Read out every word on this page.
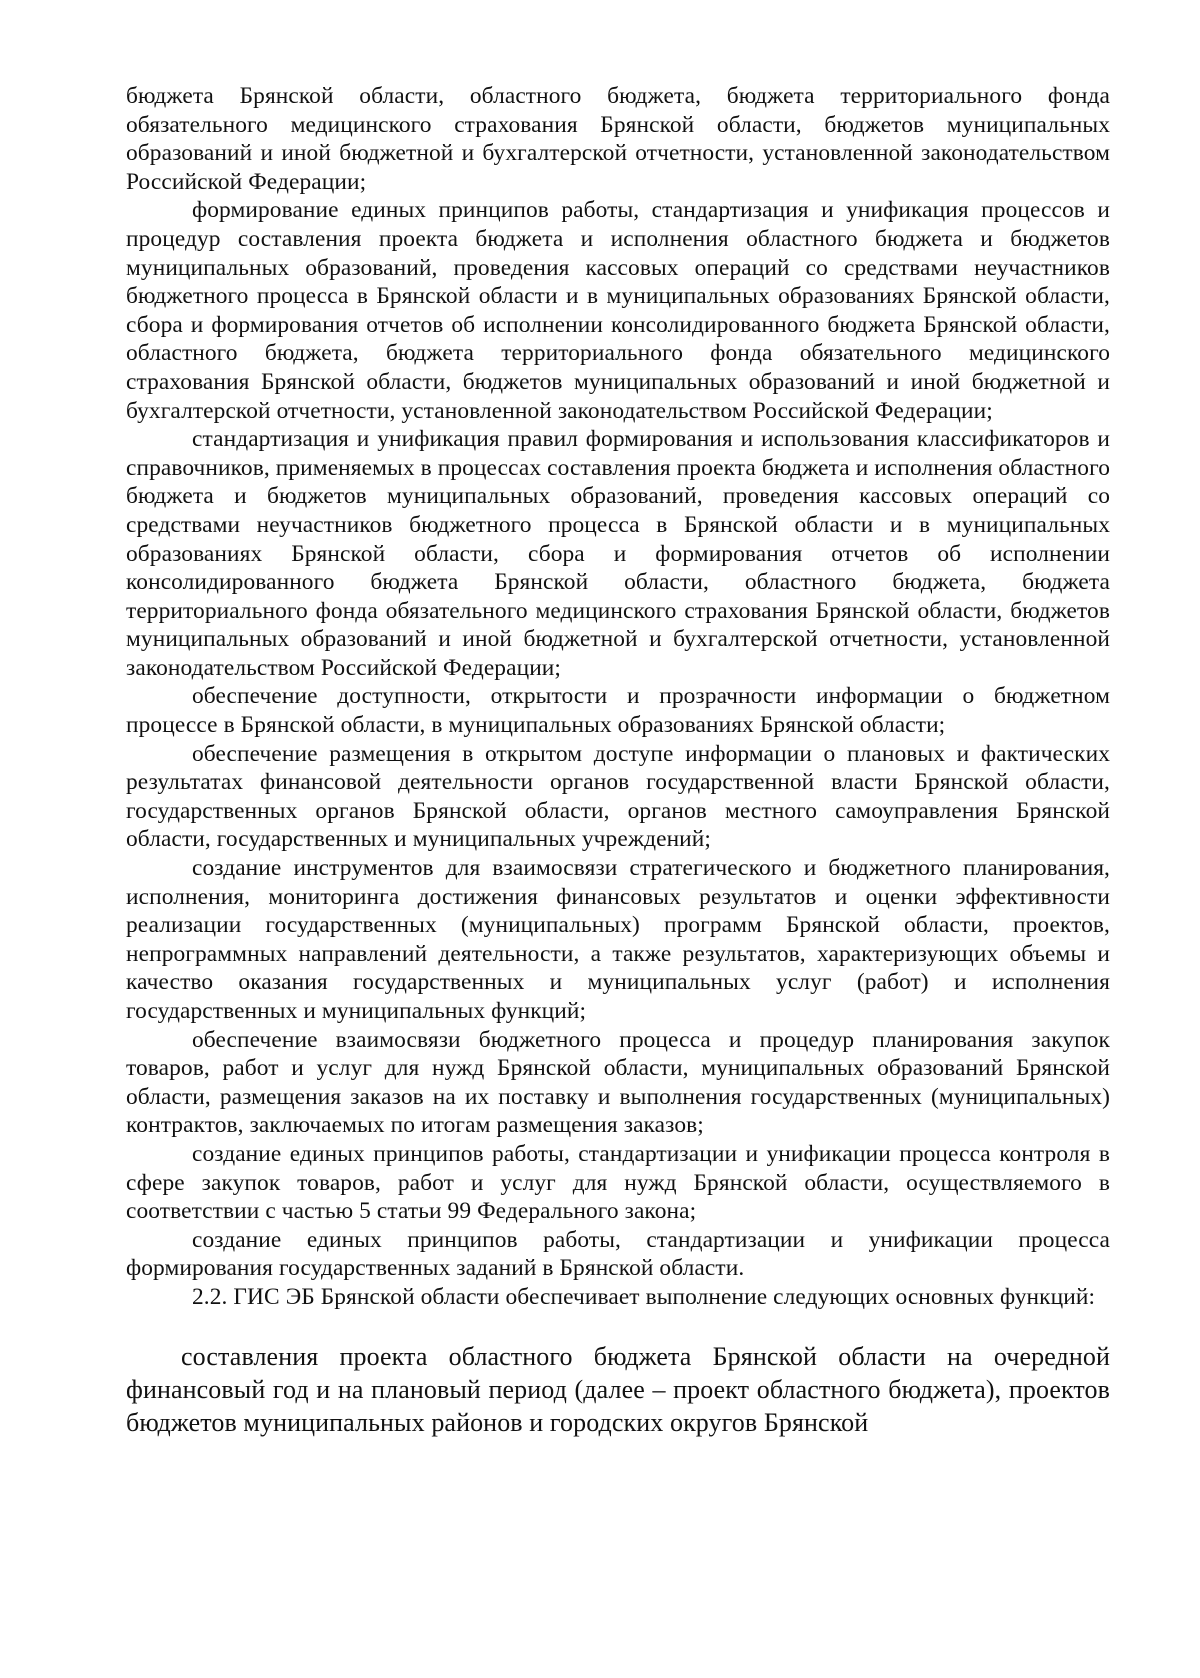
бюджета Брянской области, областного бюджета, бюджета территориального фонда обязательного медицинского страхования Брянской области, бюджетов муниципальных образований и иной бюджетной и бухгалтерской отчетности, установленной законодательством Российской Федерации;

формирование единых принципов работы, стандартизация и унификация процессов и процедур составления проекта бюджета и исполнения областного бюджета и бюджетов муниципальных образований, проведения кассовых операций со средствами неучастников бюджетного процесса в Брянской области и в муниципальных образованиях Брянской области, сбора и формирования отчетов об исполнении консолидированного бюджета Брянской области, областного бюджета, бюджета территориального фонда обязательного медицинского страхования Брянской области, бюджетов муниципальных образований и иной бюджетной и бухгалтерской отчетности, установленной законодательством Российской Федерации;

стандартизация и унификация правил формирования и использования классификаторов и справочников, применяемых в процессах составления проекта бюджета и исполнения областного бюджета и бюджетов муниципальных образований, проведения кассовых операций со средствами неучастников бюджетного процесса в Брянской области и в муниципальных образованиях Брянской области, сбора и формирования отчетов об исполнении консолидированного бюджета Брянской области, областного бюджета, бюджета территориального фонда обязательного медицинского страхования Брянской области, бюджетов муниципальных образований и иной бюджетной и бухгалтерской отчетности, установленной законодательством Российской Федерации;

обеспечение доступности, открытости и прозрачности информации о бюджетном процессе в Брянской области, в муниципальных образованиях Брянской области;

обеспечение размещения в открытом доступе информации о плановых и фактических результатах финансовой деятельности органов государственной власти Брянской области, государственных органов Брянской области, органов местного самоуправления Брянской области, государственных и муниципальных учреждений;

создание инструментов для взаимосвязи стратегического и бюджетного планирования, исполнения, мониторинга достижения финансовых результатов и оценки эффективности реализации государственных (муниципальных) программ Брянской области, проектов, непрограммных направлений деятельности, а также результатов, характеризующих объемы и качество оказания государственных и муниципальных услуг (работ) и исполнения государственных и муниципальных функций;

обеспечение взаимосвязи бюджетного процесса и процедур планирования закупок товаров, работ и услуг для нужд Брянской области, муниципальных образований Брянской области, размещения заказов на их поставку и выполнения государственных (муниципальных) контрактов, заключаемых по итогам размещения заказов;

создание единых принципов работы, стандартизации и унификации процесса контроля в сфере закупок товаров, работ и услуг для нужд Брянской области, осуществляемого в соответствии с частью 5 статьи 99 Федерального закона;

создание единых принципов работы, стандартизации и унификации процесса формирования государственных заданий в Брянской области.

2.2. ГИС ЭБ Брянской области обеспечивает выполнение следующих основных функций:

составления проекта областного бюджета Брянской области на очередной финансовый год и на плановый период (далее – проект областного бюджета), проектов бюджетов муниципальных районов и городских округов Брянской
